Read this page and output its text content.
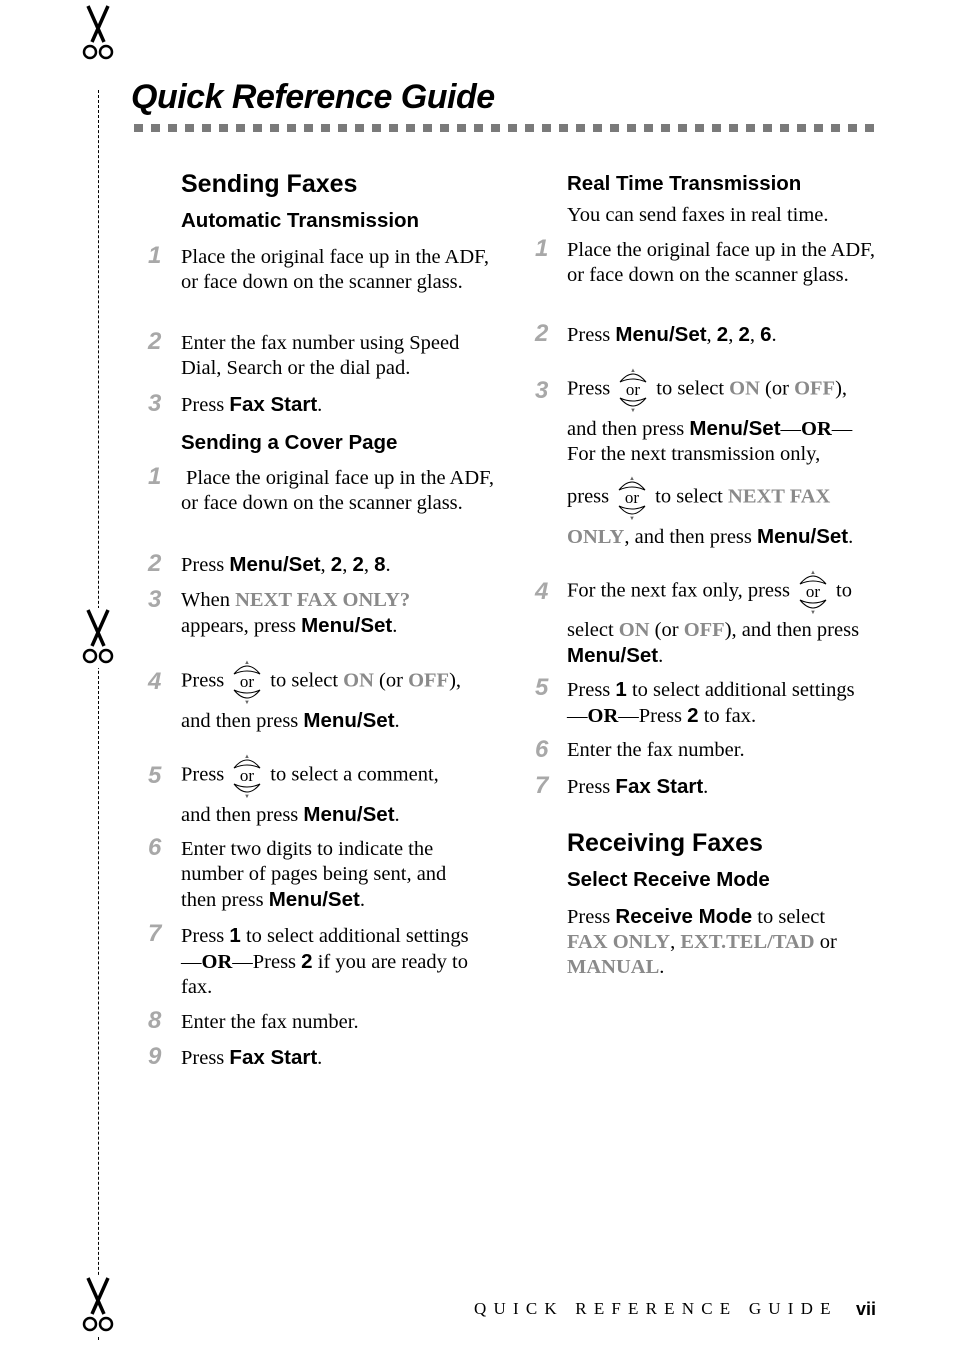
Quick Reference Guide
Sending Faxes
Automatic Transmission
1 Place the original face up in the ADF, or face down on the scanner glass.
2 Enter the fax number using Speed Dial, Search or the dial pad.
3 Press Fax Start.
Sending a Cover Page
1 Place the original face up in the ADF, or face down on the scanner glass.
2 Press Menu/Set, 2, 2, 8.
3 When NEXT FAX ONLY?
appears, press Menu/Set.
4 Press
▲
▼
or to select ON (or OFF),
and then press Menu/Set.
5 Press
▲
▼
or to select a comment,
and then press Menu/Set.
6 Enter two digits to indicate the number of pages being sent, and then press Menu/Set.
7 Press 1 to select additional settings
—OR—Press 2 if you are ready to fax.
8 Enter the fax number.
9 Press Fax Start.
Real Time Transmission
You can send faxes in real time.
1 Place the original face up in the ADF, or face down on the scanner glass.
2 Press Menu/Set, 2, 2, 6.
3 Press
▲
▼
or to select ON (or OFF),
and then press Menu/Set—OR—
For the next transmission only,
press
▲
▼
or to select NEXT FAX
ONLY, and then press Menu/Set.
4 For the next fax only, press
▲
▼
or to
select ON (or OFF), and then press
Menu/Set.
5 Press 1 to select additional settings
—OR—Press 2 to fax.
6 Enter the fax number.
7 Press Fax Start.
Receiving Faxes
Select Receive Mode
Press Receive Mode to select
FAX ONLY, EXT.TEL/TAD or
MANUAL.
QUICK REFERENCE GUIDE vii
